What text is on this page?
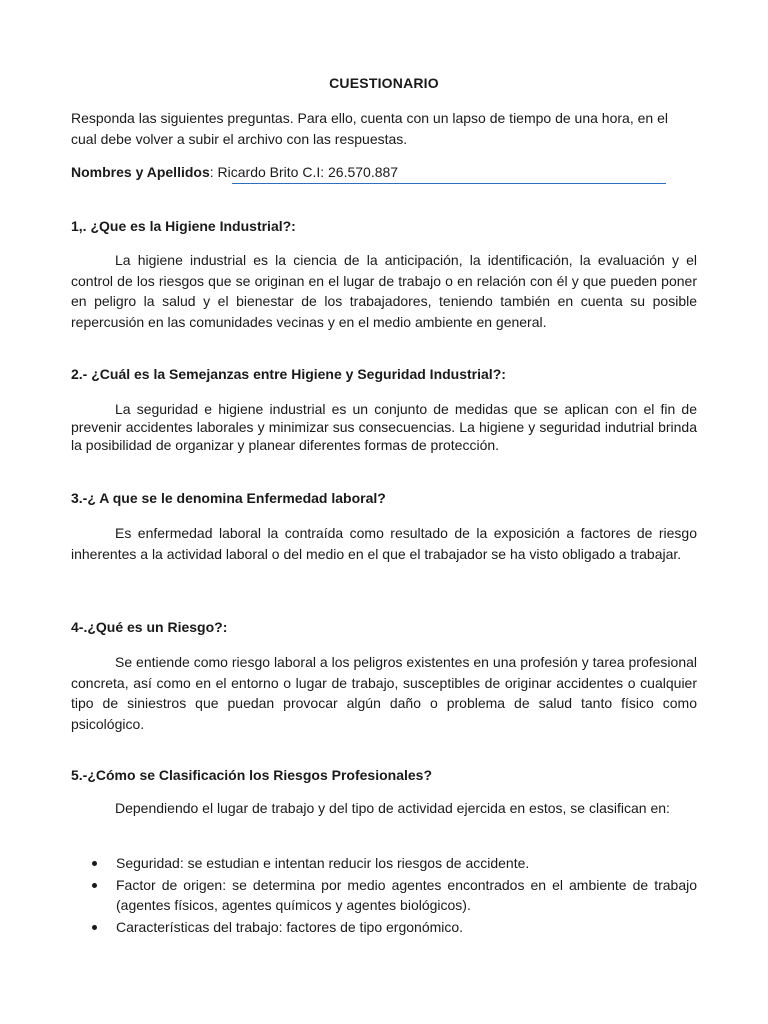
CUESTIONARIO
Responda las siguientes preguntas. Para ello, cuenta con un lapso de tiempo de una hora, en el cual debe volver a subir el archivo con las respuestas.
Nombres y Apellidos: Ricardo Brito C.I: 26.570.887
1,. ¿Que es la Higiene Industrial?:
La higiene industrial es la ciencia de la anticipación, la identificación, la evaluación y el control de los riesgos que se originan en el lugar de trabajo o en relación con él y que pueden poner en peligro la salud y el bienestar de los trabajadores, teniendo también en cuenta su posible repercusión en las comunidades vecinas y en el medio ambiente en general.
2.- ¿Cuál es la Semejanzas entre Higiene y Seguridad Industrial?:
La seguridad e higiene industrial es un conjunto de medidas que se aplican con el fin de prevenir accidentes laborales y minimizar sus consecuencias. La higiene y seguridad indutrial brinda la posibilidad de organizar y planear diferentes formas de protección.
3.-¿ A que se le denomina Enfermedad laboral?
Es enfermedad laboral la contraída como resultado de la exposición a factores de riesgo inherentes a la actividad laboral o del medio en el que el trabajador se ha visto obligado a trabajar.
4-.¿Qué es un Riesgo?:
Se entiende como riesgo laboral a los peligros existentes en una profesión y tarea profesional concreta, así como en el entorno o lugar de trabajo, susceptibles de originar accidentes o cualquier tipo de siniestros que puedan provocar algún daño o problema de salud tanto físico como psicológico.
5.-¿Cómo se Clasificación los Riesgos Profesionales?
Dependiendo el lugar de trabajo y del tipo de actividad ejercida en estos, se clasifican en:
Seguridad: se estudian e intentan reducir los riesgos de accidente.
Factor de origen: se determina por medio agentes encontrados en el ambiente de trabajo (agentes físicos, agentes químicos y agentes biológicos).
Características del trabajo: factores de tipo ergonómico.
